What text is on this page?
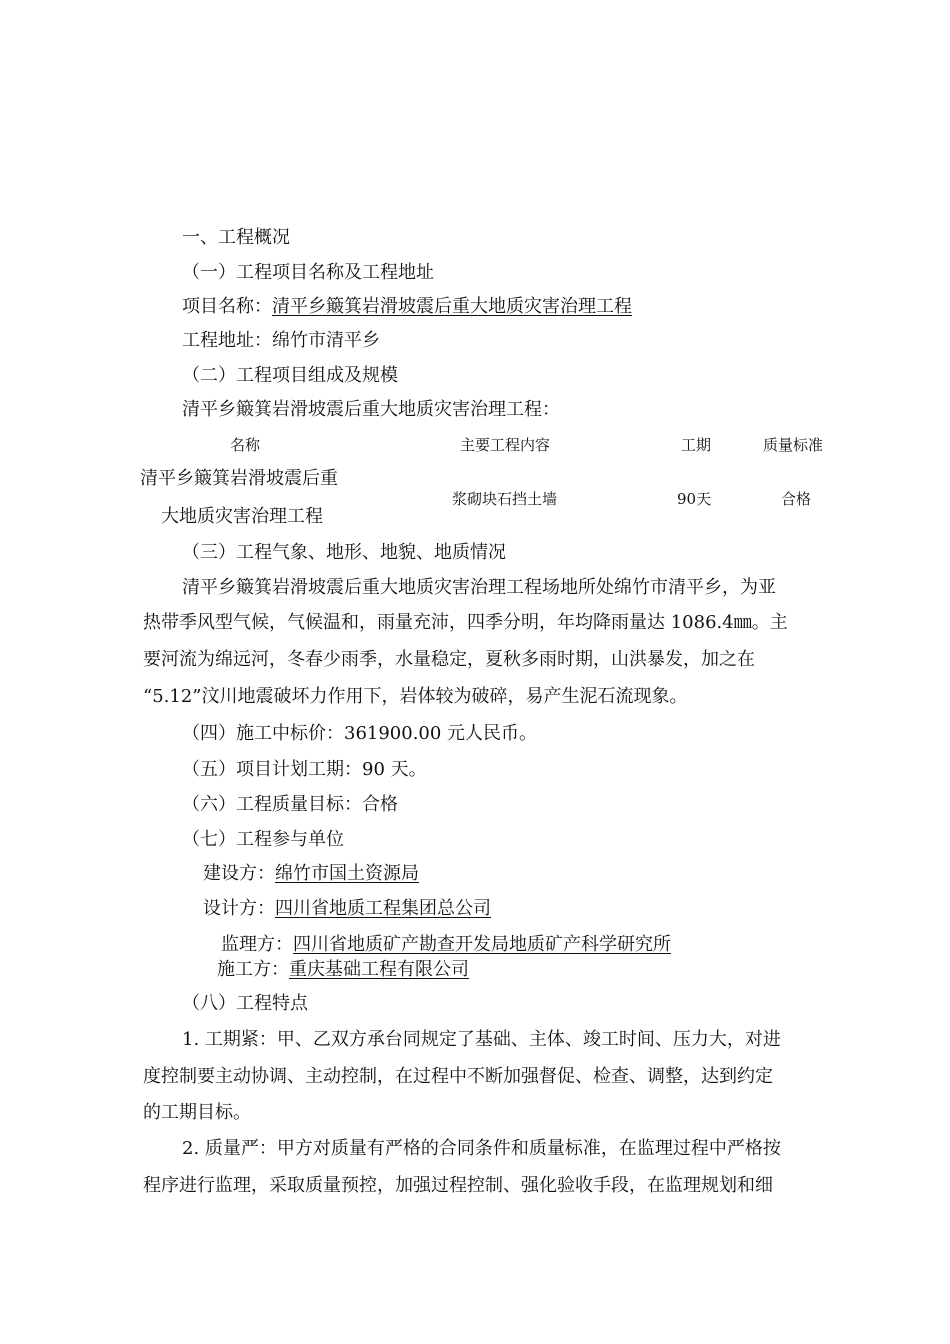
一、工程概况
（一）工程项目名称及工程地址
项目名称：清平乡簸箕岩滑坡震后重大地质灾害治理工程
工程地址：绵竹市清平乡
（二）工程项目组成及规模
清平乡簸箕岩滑坡震后重大地质灾害治理工程：
名称	主要工程内容	工期	质量标准
清平乡簸箕岩滑坡震后重
大地质灾害治理工程
浆砌块石挡土墙	90天	合格
（三）工程气象、地形、地貌、地质情况
清平乡簸箕岩滑坡震后重大地质灾害治理工程场地所处绵竹市清平乡，为亚
热带季风型气候，气候温和，雨量充沛，四季分明，年均降雨量达 1086.4㎜。主
要河流为绵远河，冬春少雨季，水量稳定，夏秋多雨时期，山洪暴发，加之在
“5.12”汶川地震破坏力作用下，岩体较为破碎，易产生泥石流现象。
（四）施工中标价：361900.00 元人民币。
（五）项目计划工期：90 天。
（六）工程质量目标：合格
（七）工程参与单位
建设方：绵竹市国土资源局
设计方：四川省地质工程集团总公司
监理方：四川省地质矿产勘查开发局地质矿产科学研究所
施工方：重庆基础工程有限公司
（八）工程特点
1. 工期紧：甲、乙双方承台同规定了基础、主体、竣工时间、压力大，对进
度控制要主动协调、主动控制，在过程中不断加强督促、检查、调整，达到约定
的工期目标。
2. 质量严：甲方对质量有严格的合同条件和质量标准，在监理过程中严格按
程序进行监理，采取质量预控，加强过程控制、强化验收手段，在监理规划和细
